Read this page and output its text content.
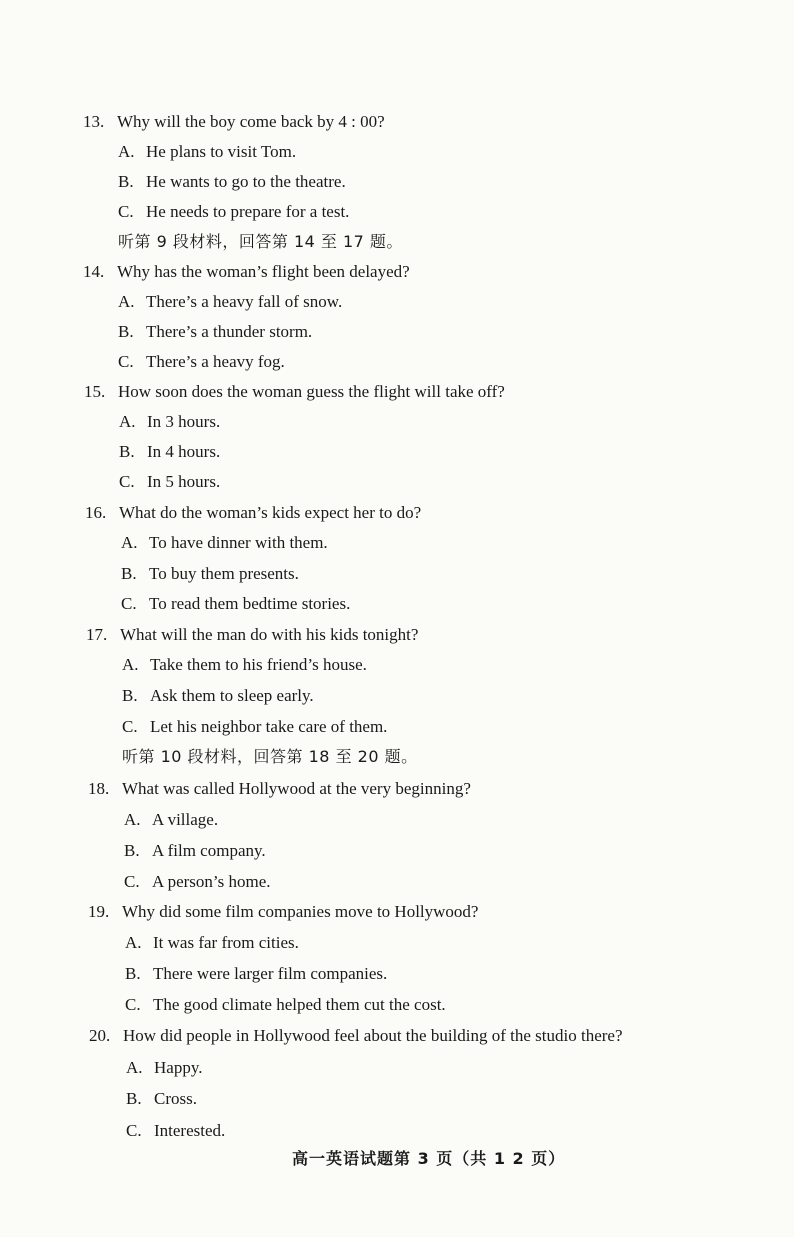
13. Why will the boy come back by 4 : 00?
A. He plans to visit Tom.
B. He wants to go to the theatre.
C. He needs to prepare for a test.
听第 9 段材料，回答第 14 至 17 题。
14. Why has the woman’s flight been delayed?
A. There’s a heavy fall of snow.
B. There’s a thunder storm.
C. There’s a heavy fog.
15. How soon does the woman guess the flight will take off?
A. In 3 hours.
B. In 4 hours.
C. In 5 hours.
16. What do the woman’s kids expect her to do?
A. To have dinner with them.
B. To buy them presents.
C. To read them bedtime stories.
17. What will the man do with his kids tonight?
A. Take them to his friend’s house.
B. Ask them to sleep early.
C. Let his neighbor take care of them.
听第 10 段材料，回答第 18 至 20 题。
18. What was called Hollywood at the very beginning?
A. A village.
B. A film company.
C. A person’s home.
19. Why did some film companies move to Hollywood?
A. It was far from cities.
B. There were larger film companies.
C. The good climate helped them cut the cost.
20. How did people in Hollywood feel about the building of the studio there?
A. Happy.
B. Cross.
C. Interested.
高一英语试题第 3 页（共 1 2 页）
